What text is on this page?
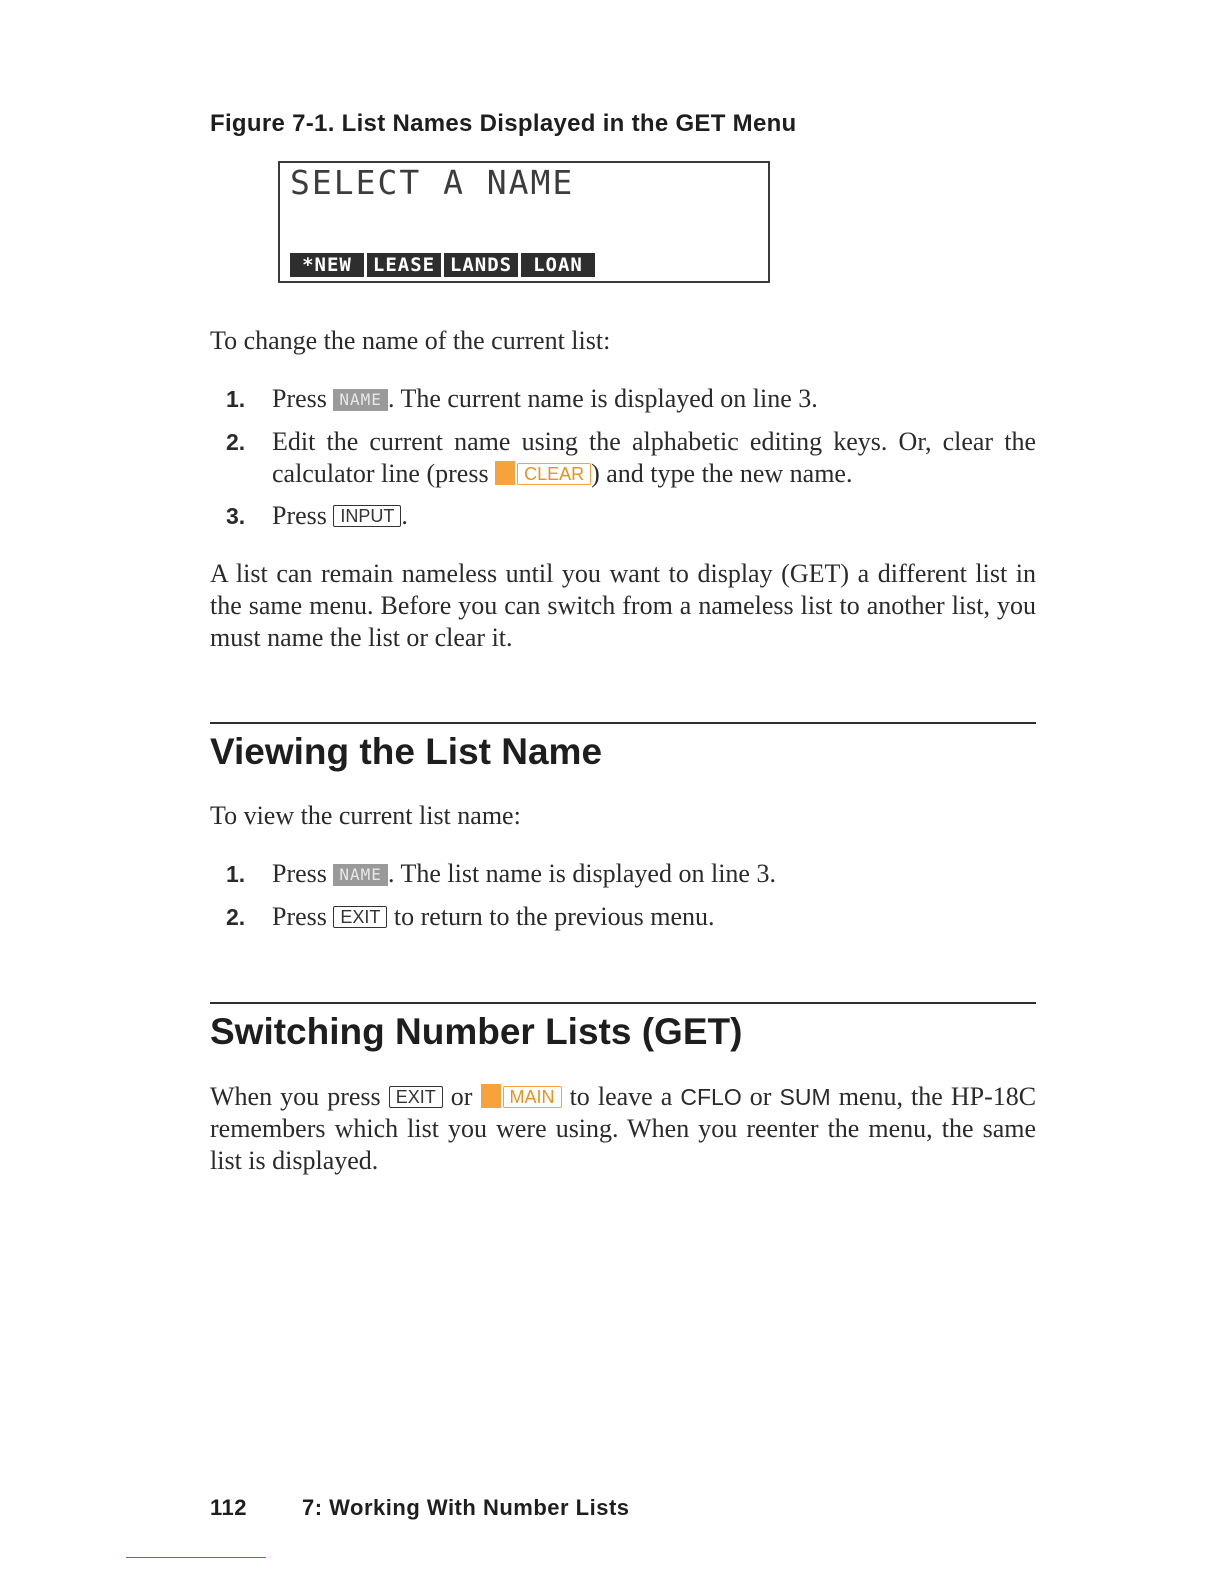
Figure 7-1. List Names Displayed in the GET Menu
SELECT A NAME
*NEW	LEASE LANDS	LOAN
To change the name of the current list:
1. Press NAME . The current name is displayed on line 3.
2. Edit the current name using the alphabetic editing keys. Or, clear the calculator line (press CLEAR ) and type the new name.
3. Press INPUT .
A list can remain nameless until you want to display (GET) a different list in the same menu. Before you can switch from a nameless list to another list, you must name the list or clear it.
Viewing the List Name
To view the current list name:
1. Press NAME . The list name is displayed on line 3.
2. Press EXIT to return to the previous menu.
Switching Number Lists (GET)
When you press EXIT or MAIN to leave a CFLO or SUM menu, the HP-18C remembers which list you were using. When you reenter the menu, the same list is displayed.
112	7: Working With Number Lists
